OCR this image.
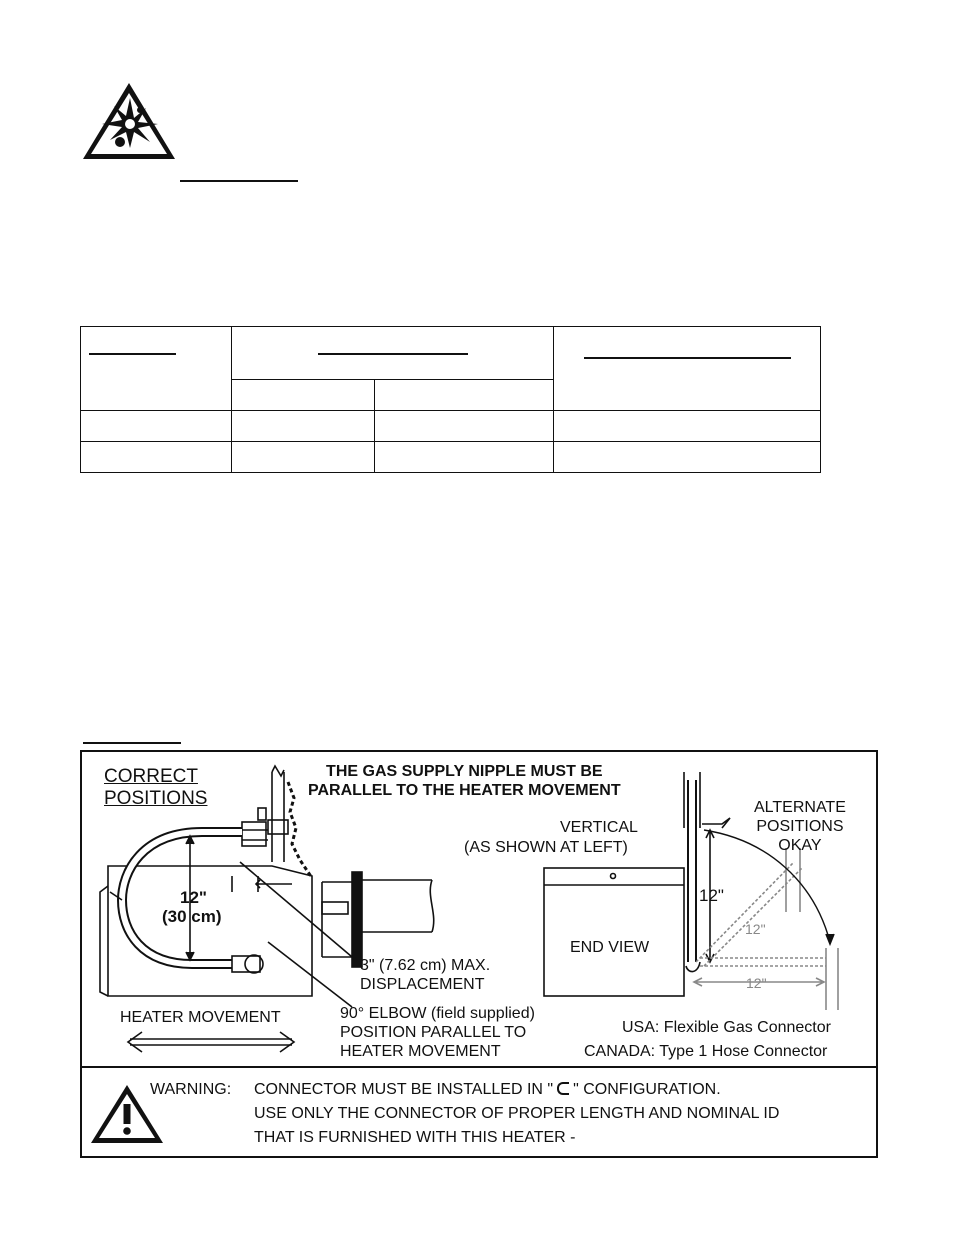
CORRECT
POSITIONS
THE GAS SUPPLY NIPPLE MUST BE
PARALLEL TO THE HEATER MOVEMENT
12"
(30 cm)
3" (7.62 cm) MAX.
DISPLACEMENT
HEATER MOVEMENT	90° ELBOW (field supplied)
POSITION PARALLEL TO
HEATER MOVEMENT
VERTICAL
(AS SHOWN AT LEFT)
ALTERNATE
POSITIONS
OKAY
END VIEW
12"
12"
12"
USA: Flexible Gas Connector
CANADA: Type 1 Hose Connector
WARNING: CONNECTOR MUST BE INSTALLED IN " " CONFIGURATION.
USE ONLY THE CONNECTOR OF PROPER LENGTH AND NOMINAL ID
THAT IS FURNISHED WITH THIS HEATER -
